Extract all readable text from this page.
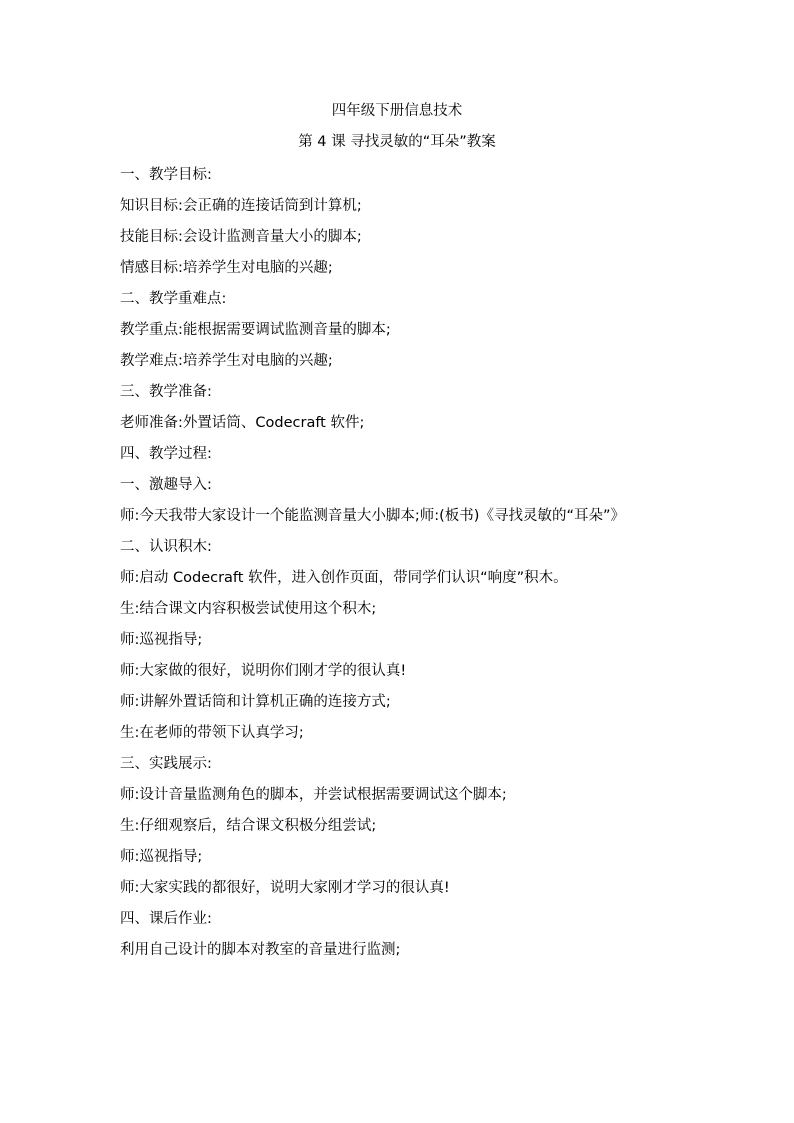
四年级下册信息技术
第 4 课 寻找灵敏的“耳朵”教案
一、教学目标:
知识目标:会正确的连接话筒到计算机;
技能目标:会设计监测音量大小的脚本;
情感目标:培养学生对电脑的兴趣;
二、教学重难点:
教学重点:能根据需要调试监测音量的脚本;
教学难点:培养学生对电脑的兴趣;
三、教学准备:
老师准备:外置话筒、Codecraft 软件;
四、教学过程:
一、激趣导入:
师:今天我带大家设计一个能监测音量大小脚本;师:(板书)《寻找灵敏的“耳朵”》
二、认识积木:
师:启动 Codecraft 软件，进入创作页面，带同学们认识“响度”积木。
生:结合课文内容积极尝试使用这个积木;
师:巡视指导;
师:大家做的很好，说明你们刚才学的很认真!
师:讲解外置话筒和计算机正确的连接方式;
生:在老师的带领下认真学习;
三、实践展示:
师:设计音量监测角色的脚本，并尝试根据需要调试这个脚本;
生:仔细观察后，结合课文积极分组尝试;
师:巡视指导;
师:大家实践的都很好，说明大家刚才学习的很认真!
四、课后作业:
利用自己设计的脚本对教室的音量进行监测;
